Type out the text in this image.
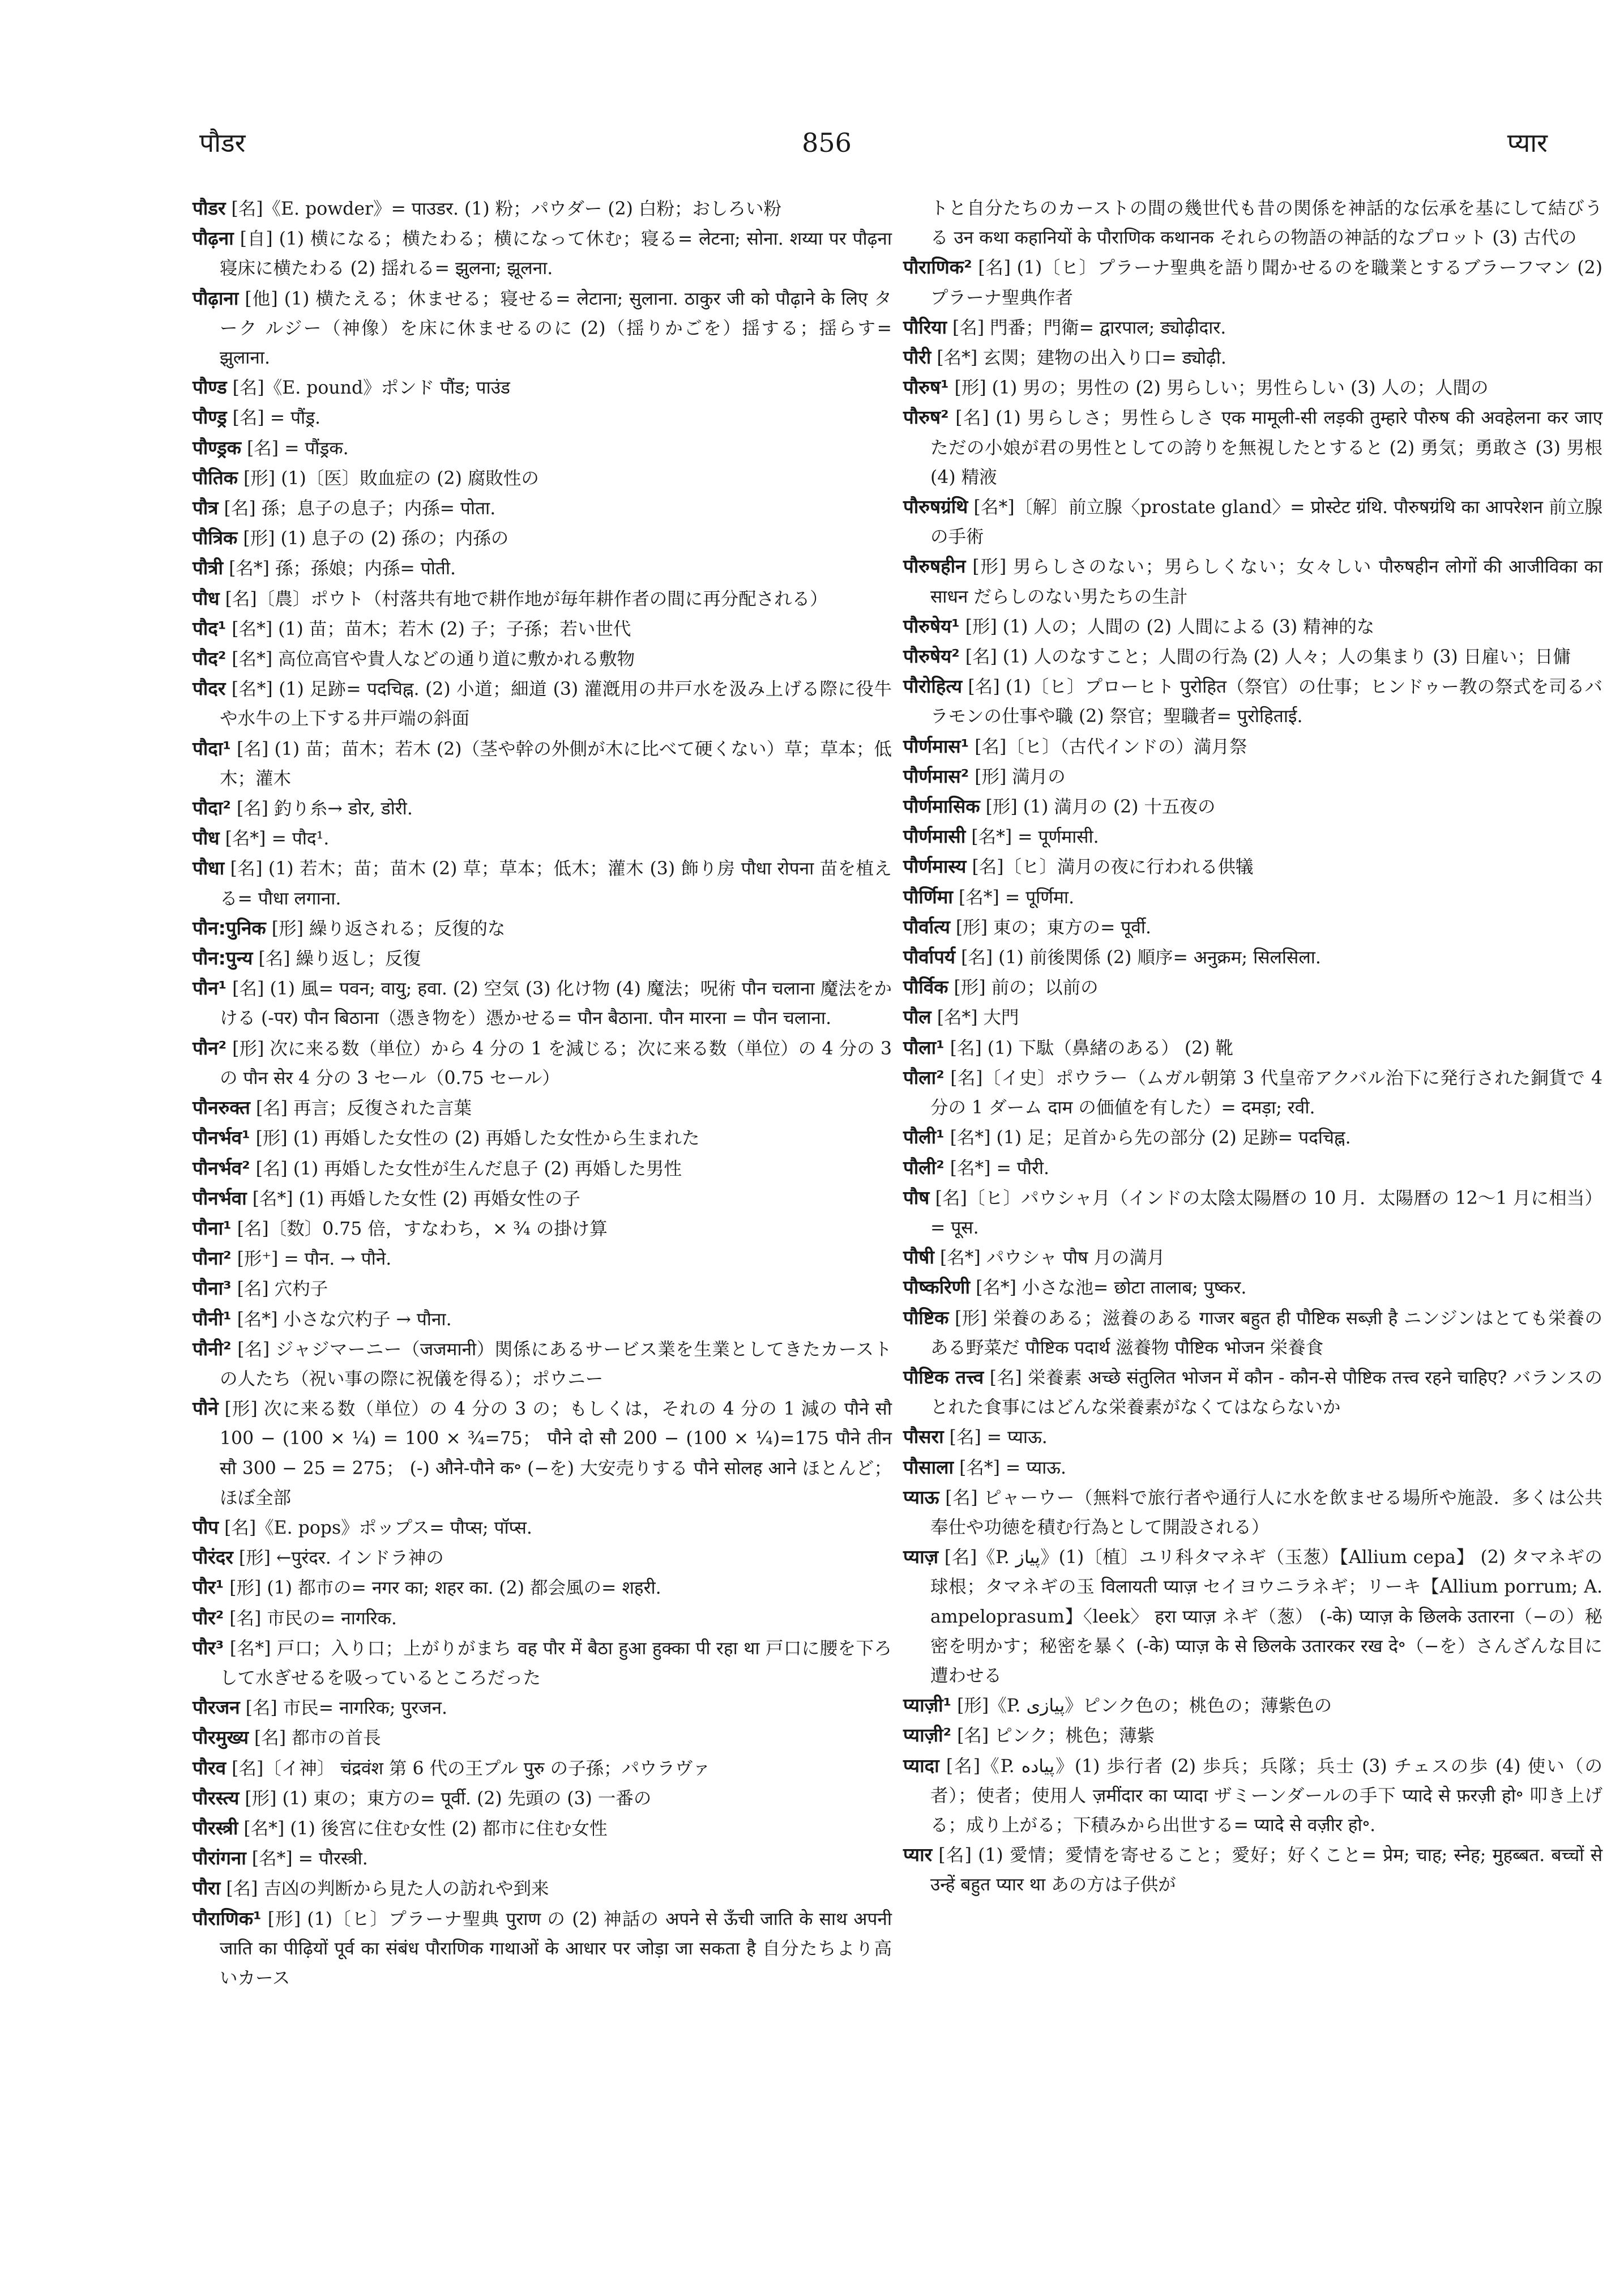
पौडर	856	प्यार

पौडर [名]《E. powder》= पाउडर. (1) 粉；パウダー (2) 白粉；おしろい粉

पौढ़ना [自] (1) 横になる；横たわる；横になって休む；寝る= लेटना; सोना. शय्या पर पौढ़ना 寝床に横たわる (2) 揺れる= झुलना; झूलना.

पौढ़ाना [他] (1) 横たえる；休ませる；寝せる= लेटाना; सुलाना. ठाकुर जी को पौढ़ाने के लिए ターク ルジー（神像）を床に休ませるのに (2)（揺りかごを）揺する；揺らす= झुलाना.

पौण्ड [名]《E. pound》ポンド पौंड; पाउंड

पौण्ड्र [名] = पौंड्र.

पौण्ड्रक [名] = पौंड्रक.

पौतिक [形] (1)〔医〕敗血症の (2) 腐敗性の

पौत्र [名] 孫；息子の息子；内孫= पोता.

पौत्रिक [形] (1) 息子の (2) 孫の；内孫の

पौत्री [名*] 孫；孫娘；内孫= पोती.

पौध [名]〔農〕ポウト（村落共有地で耕作地が毎年耕作者の間に再分配される）

पौद¹ [名*] (1) 苗；苗木；若木 (2) 子；子孫；若い世代

पौद² [名*] 高位高官や貴人などの通り道に敷かれる敷物

पौदर [名*] (1) 足跡= पदचिह्न. (2) 小道；細道 (3) 灌漑用の井戸水を汲み上げる際に役牛や水牛の上下する井戸端の斜面

पौदा¹ [名] (1) 苗；苗木；若木 (2)（茎や幹の外側が木に比べて硬くない）草；草本；低木；灌木

पौदा² [名] 釣り糸→ डोर, डोरी.

पौध [名*] = पौद¹.

पौधा [名] (1) 若木；苗；苗木 (2) 草；草本；低木；灌木 (3) 飾り房 पौधा रोपना 苗を植える= पौधा लगाना.

पौन:पुनिक [形] 繰り返される；反復的な

पौन:पुन्य [名] 繰り返し；反復

पौन¹ [名] (1) 風= पवन; वायु; हवा. (2) 空気 (3) 化け物 (4) 魔法；呪術 पौन चलाना 魔法をかける (-पर) पौन बिठाना（憑き物を）憑かせる= पौन बैठाना. पौन मारना = पौन चलाना.

पौन² [形] 次に来る数（単位）から 4 分の 1 を減じる；次に来る数（単位）の 4 分の 3 の पौन सेर 4 分の 3 セール（0.75 セール）

पौनरुक्त [名] 再言；反復された言葉

पौनर्भव¹ [形] (1) 再婚した女性の (2) 再婚した女性から生まれた

पौनर्भव² [名] (1) 再婚した女性が生んだ息子 (2) 再婚した男性

पौनर्भवा [名*] (1) 再婚した女性 (2) 再婚女性の子

पौना¹ [名]〔数〕0.75 倍，すなわち，× ¾ の掛け算

पौना² [形⁺] = पौन. → पौने.

पौना³ [名] 穴杓子

पौनी¹ [名*] 小さな穴杓子 → पौना.

पौनी² [名] ジャジマーニー（जजमानी）関係にあるサービス業を生業としてきたカーストの人たち（祝い事の際に祝儀を得る）；ポウニー

पौने [形] 次に来る数（単位）の 4 分の 3 の；もしくは，それの 4 分の 1 減の पौने सौ 100 − (100 × ¼) = 100 × ¾=75； पौने दो सौ 200 − (100 × ¼)=175 पौने तीन सौ 300 − 25 = 275； (-) औने-पौने क॰ (−を) 大安売りする पौने सोलह आने ほとんど；ほぼ全部

पौप [名]《E. pops》ポップス= पौप्स; पॉप्स.

पौरंदर [形] ←पुरंदर. インドラ神の

पौर¹ [形] (1) 都市の= नगर का; शहर का. (2) 都会風の= शहरी.

पौर² [名] 市民の= नागरिक.

पौर³ [名*] 戸口；入り口；上がりがまち वह पौर में बैठा हुआ हुक्का पी रहा था 戸口に腰を下ろして水ぎせるを吸っているところだった

पौरजन [名] 市民= नागरिक; पुरजन.

पौरमुख्य [名] 都市の首長

पौरव [名]〔イ神〕 चंद्रवंश 第 6 代の王プル पुरु の子孫；パウラヴァ

पौरस्त्य [形] (1) 東の；東方の= पूर्वी. (2) 先頭の (3) 一番の

पौरस्त्री [名*] (1) 後宮に住む女性 (2) 都市に住む女性

पौरांगना [名*] = पौरस्त्री.

पौरा [名] 吉凶の判断から見た人の訪れや到来

पौराणिक¹ [形] (1)〔ヒ〕プラーナ聖典 पुराण の (2) 神話の अपने से ऊँची जाति के साथ अपनी जाति का पीढ़ियों पूर्व का संबंध पौराणिक गाथाओं के आधार पर जोड़ा जा सकता है 自分たちより高いカース

トと自分たちのカーストの間の幾世代も昔の関係を神話的な伝承を基にして結びうる उन कथा कहानियों के पौराणिक कथानक それらの物語の神話的なプロット (3) 古代の

पौराणिक² [名] (1)〔ヒ〕プラーナ聖典を語り聞かせるのを職業とするブラーフマン (2) プラーナ聖典作者

पौरिया [名] 門番；門衛= द्वारपाल; ड्योढ़ीदार.

पौरी [名*] 玄関；建物の出入り口= ड्योढ़ी.

पौरुष¹ [形] (1) 男の；男性の (2) 男らしい；男性らしい (3) 人の；人間の

पौरुष² [名] (1) 男らしさ；男性らしさ एक मामूली-सी लड़की तुम्हारे पौरुष की अवहेलना कर जाए ただの小娘が君の男性としての誇りを無視したとすると (2) 勇気；勇敢さ (3) 男根 (4) 精液

पौरुषग्रंथि [名*]〔解〕前立腺〈prostate gland〉= प्रोस्टेट ग्रंथि. पौरुषग्रंथि का आपरेशन 前立腺の手術

पौरुषहीन [形] 男らしさのない；男らしくない；女々しい पौरुषहीन लोगों की आजीविका का साधन だらしのない男たちの生計

पौरुषेय¹ [形] (1) 人の；人間の (2) 人間による (3) 精神的な

पौरुषेय² [名] (1) 人のなすこと；人間の行為 (2) 人々；人の集まり (3) 日雇い；日傭

पौरोहित्य [名] (1)〔ヒ〕プローヒト पुरोहित（祭官）の仕事；ヒンドゥー教の祭式を司るバラモンの仕事や職 (2) 祭官；聖職者= पुरोहिताई.

पौर्णमास¹ [名]〔ヒ〕（古代インドの）満月祭

पौर्णमास² [形] 満月の

पौर्णमासिक [形] (1) 満月の (2) 十五夜の

पौर्णमासी [名*] = पूर्णमासी.

पौर्णमास्य [名]〔ヒ〕満月の夜に行われる供犠

पौर्णिमा [名*] = पूर्णिमा.

पौर्वात्य [形] 東の；東方の= पूर्वी.

पौर्वापर्य [名] (1) 前後関係 (2) 順序= अनुक्रम; सिलसिला.

पौर्विक [形] 前の；以前の

पौल [名*] 大門

पौला¹ [名] (1) 下駄（鼻緒のある） (2) 靴

पौला² [名]〔イ史〕ポウラー（ムガル朝第 3 代皇帝アクバル治下に発行された銅貨で 4 分の 1 ダーム दाम の価値を有した）= दमड़ा; रवी.

पौली¹ [名*] (1) 足；足首から先の部分 (2) 足跡= पदचिह्न.

पौली² [名*] = पौरी.

पौष [名]〔ヒ〕パウシャ月（インドの太陰太陽暦の 10 月．太陽暦の 12〜1 月に相当）= पूस.

पौषी [名*] パウシャ पौष 月の満月

पौष्करिणी [名*] 小さな池= छोटा तालाब; पुष्कर.

पौष्टिक [形] 栄養のある；滋養のある गाजर बहुत ही पौष्टिक सब्ज़ी है ニンジンはとても栄養のある野菜だ पौष्टिक पदार्थ 滋養物 पौष्टिक भोजन 栄養食

पौष्टिक तत्त्व [名] 栄養素 अच्छे संतुलित भोजन में कौन - कौन-से पौष्टिक तत्त्व रहने चाहिए? バランスのとれた食事にはどんな栄養素がなくてはならないか

पौसरा [名] = प्याऊ.

पौसाला [名*] = प्याऊ.

प्याऊ [名] ピャーウー（無料で旅行者や通行人に水を飲ませる場所や施設．多くは公共奉仕や功徳を積む行為として開設される）

प्याज़ [名]《P. پیاز》(1)〔植〕ユリ科タマネギ（玉葱）【Allium cepa】 (2) タマネギの球根；タマネギの玉 विलायती प्याज़ セイヨウニラネギ；リーキ【Allium porrum; A. ampeloprasum】〈leek〉 हरा प्याज़ ネギ（葱） (-के) प्याज़ के छिलके उतारना（−の）秘密を明かす；秘密を暴く (-के) प्याज़ के से छिलके उतारकर रख दे॰（−を）さんざんな目に遭わせる

प्याज़ी¹ [形]《P. پیازی》ピンク色の；桃色の；薄紫色の

प्याज़ी² [名] ピンク；桃色；薄紫

प्यादा [名]《P. پیاده》(1) 歩行者 (2) 歩兵；兵隊；兵士 (3) チェスの歩 (4) 使い（の者）；使者；使用人 ज़मींदार का प्यादा ザミーンダールの手下 प्यादे से फ़रज़ी हो॰ 叩き上げる；成り上がる；下積みから出世する= प्यादे से वज़ीर हो॰.

प्यार [名] (1) 愛情；愛情を寄せること；愛好；好くこと= प्रेम; चाह; स्नेह; मुहब्बत. बच्चों से उन्हें बहुत प्यार था あの方は子供が
